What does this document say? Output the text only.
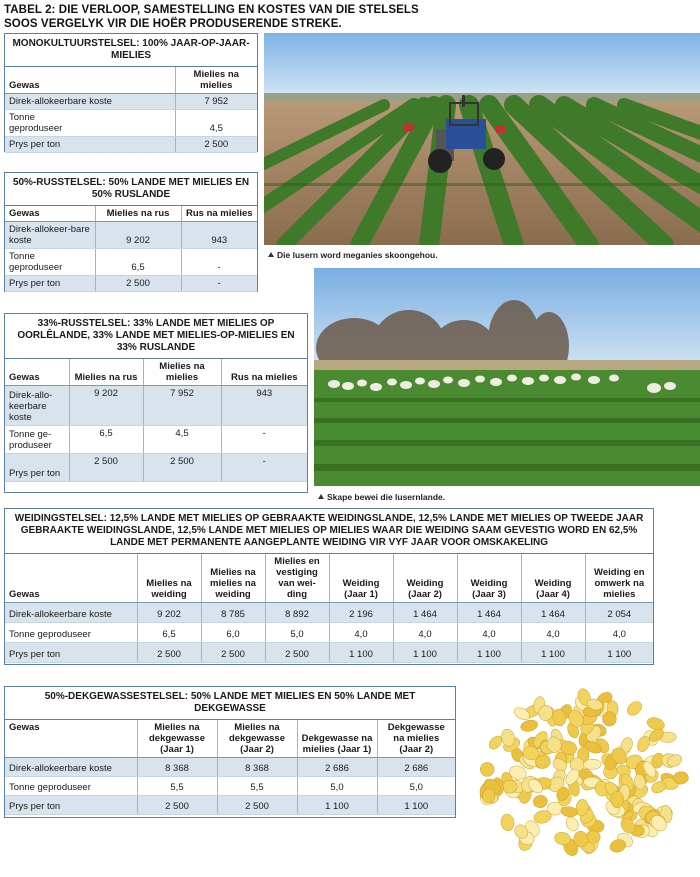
TABEL 2: DIE VERLOOP, SAMESTELLING EN KOSTES VAN DIE STELSELS SOOS VERGELYK VIR DIE HOËR PRODUSERENDE STREKE.
Die lusern word meganies skoongehou.
Skape bewei die lusernlande.
MONOKULTUURSTELSEL: 100% JAAR-OP-JAAR-MIELIES	
Gewas	Mielies na mielies
Direk-allokeerbare koste	7 952
Tonne geproduseer	4,5
Prys per ton	2 500
50%-RUSSTELSEL: 50% LANDE MET MIELIES EN 50% RUSLANDE		
Gewas	Mielies na rus	Rus na mielies
Direk-allokeer-bare koste	9 202	943
Tonne geproduseer	6,5	-
Prys per ton	2 500	-
33%-RUSSTELSEL: 33% LANDE MET MIELIES OP OORLÊLANDE, 33% LANDE MET MIELIES-OP-MIELIES EN 33% RUSLANDE			
Gewas	Mielies na rus	Mielies na mielies	Rus na mielies
Direk-allo-keerbare koste	9 202	7 952	943
Tonne ge-produseer	6,5	4,5	-
Prys per ton	2 500	2 500	-
WEIDINGSTELSEL: 12,5% LANDE MET MIELIES OP GEBRAAKTE WEIDINGSLANDE, 12,5% LANDE MET MIELIES OP TWEEDE JAAR GEBRAAKTE WEIDINGSLANDE, 12,5% LANDE MET MIELIES OP MIELIES WAAR DIE WEIDING SAAM GEVESTIG WORD EN 62,5% LANDE MET PERMANENTE AANGEPLANTE WEIDING VIR VYF JAAR VOOR OMSKAKELING								
Gewas	Mielies na weiding	Mielies na mielies na weiding	Mielies en vestiging van wei-ding	Weiding (Jaar 1)	Weiding (Jaar 2)	Weiding (Jaar 3)	Weiding (Jaar 4)	Weiding en omwerk na mielies
Direk-allokeerbare koste	9 202	8 785	8 892	2 196	1 464	1 464	1 464	2 054
Tonne geproduseer	6,5	6,0	5,0	4,0	4,0	4,0	4,0	4,0
Prys per ton	2 500	2 500	2 500	1 100	1 100	1 100	1 100	1 100
50%-DEKGEWASSESTELSEL: 50% LANDE MET MIELIES EN 50% LANDE MET DEKGEWASSE				
Gewas	Mielies na dekgewasse (Jaar 1)	Mielies na dekgewasse (Jaar 2)	Dekgewasse na mielies (Jaar 1)	Dekgewasse na mielies (Jaar 2)
Direk-allokeerbare koste	8 368	8 368	2 686	2 686
Tonne geproduseer	5,5	5,5	5,0	5,0
Prys per ton	2 500	2 500	1 100	1 100
